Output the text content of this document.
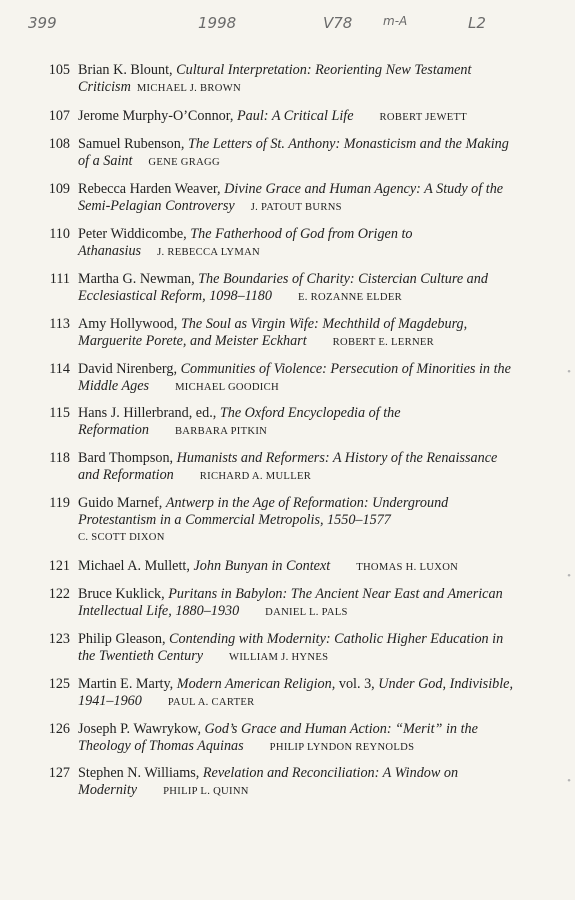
399	1998	V78	m-A	L2
105 Brian K. Blount, Cultural Interpretation: Reorienting New Testament Criticism MICHAEL J. BROWN
107 Jerome Murphy-O’Connor, Paul: A Critical Life ROBERT JEWETT
108 Samuel Rubenson, The Letters of St. Anthony: Monasticism and the Making of a Saint GENE GRAGG
109 Rebecca Harden Weaver, Divine Grace and Human Agency: A Study of the Semi-Pelagian Controversy J. PATOUT BURNS
110 Peter Widdicombe, The Fatherhood of God from Origen to Athanasius J. REBECCA LYMAN
111 Martha G. Newman, The Boundaries of Charity: Cistercian Culture and Ecclesiastical Reform, 1098–1180 E. ROZANNE ELDER
113 Amy Hollywood, The Soul as Virgin Wife: Mechthild of Magdeburg, Marguerite Porete, and Meister Eckhart ROBERT E. LERNER
114 David Nirenberg, Communities of Violence: Persecution of Minorities in the Middle Ages MICHAEL GOODICH
115 Hans J. Hillerbrand, ed., The Oxford Encyclopedia of the Reformation BARBARA PITKIN
118 Bard Thompson, Humanists and Reformers: A History of the Renaissance and Reformation RICHARD A. MULLER
119 Guido Marnef, Antwerp in the Age of Reformation: Underground Protestantism in a Commercial Metropolis, 1550–1577
C. SCOTT DIXON
121 Michael A. Mullett, John Bunyan in Context THOMAS H. LUXON
122 Bruce Kuklick, Puritans in Babylon: The Ancient Near East and American Intellectual Life, 1880–1930 DANIEL L. PALS
123 Philip Gleason, Contending with Modernity: Catholic Higher Education in the Twentieth Century WILLIAM J. HYNES
125 Martin E. Marty, Modern American Religion, vol. 3, Under God, Indivisible, 1941–1960 PAUL A. CARTER
126 Joseph P. Wawrykow, God’s Grace and Human Action: “Merit” in the Theology of Thomas Aquinas PHILIP LYNDON REYNOLDS
127 Stephen N. Williams, Revelation and Reconciliation: A Window on Modernity PHILIP L. QUINN
•
•
•
